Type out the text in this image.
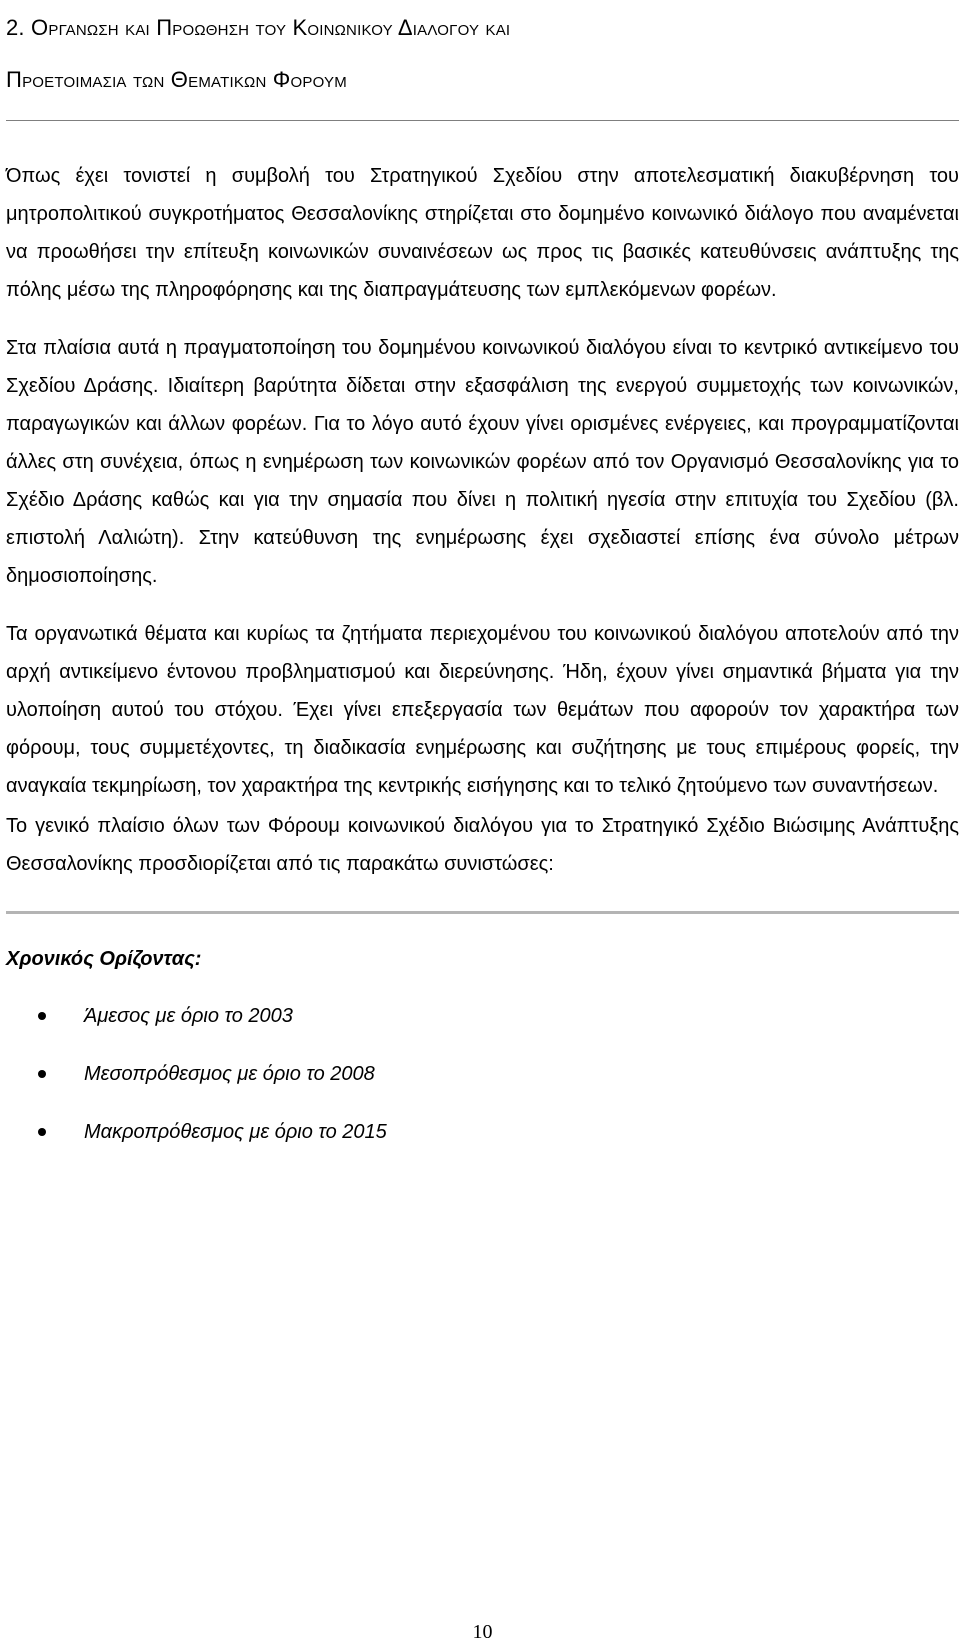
2. Οργανωση και Προωθηση του Κοινωνικου Διαλογου και
Προετοιμασια των Θεματικων Φορουμ

Όπως έχει τονιστεί η συμβολή του Στρατηγικού Σχεδίου στην αποτελεσματική διακυβέρνηση του μητροπολιτικού συγκροτήματος Θεσσαλονίκης στηρίζεται στο δομημένο κοινωνικό διάλογο που αναμένεται να προωθήσει την επίτευξη κοινωνικών συναινέσεων ως προς τις βασικές κατευθύνσεις ανάπτυξης της πόλης μέσω της πληροφόρησης και της διαπραγμάτευσης των εμπλεκόμενων φορέων.

Στα πλαίσια αυτά η πραγματοποίηση του δομημένου κοινωνικού διαλόγου είναι το κεντρικό αντικείμενο του Σχεδίου Δράσης. Ιδιαίτερη βαρύτητα δίδεται στην εξασφάλιση της ενεργού συμμετοχής των κοινωνικών, παραγωγικών και άλλων φορέων. Για το λόγο αυτό έχουν γίνει ορισμένες ενέργειες, και προγραμματίζονται άλλες στη συνέχεια, όπως η ενημέρωση των κοινωνικών φορέων από τον Οργανισμό Θεσσαλονίκης για το Σχέδιο Δράσης καθώς και για την σημασία που δίνει η πολιτική ηγεσία στην επιτυχία του Σχεδίου (βλ. επιστολή Λαλιώτη). Στην κατεύθυνση της ενημέρωσης έχει σχεδιαστεί επίσης ένα σύνολο μέτρων δημοσιοποίησης.

Τα οργανωτικά θέματα και κυρίως τα ζητήματα περιεχομένου του κοινωνικού διαλόγου αποτελούν από την αρχή αντικείμενο έντονου προβληματισμού και διερεύνησης. Ήδη, έχουν γίνει σημαντικά βήματα για την υλοποίηση αυτού του στόχου. Έχει γίνει επεξεργασία των θεμάτων που αφορούν τον χαρακτήρα των φόρουμ, τους συμμετέχοντες, τη διαδικασία ενημέρωσης και συζήτησης με τους επιμέρους φορείς, την αναγκαία τεκμηρίωση, τον χαρακτήρα της κεντρικής εισήγησης και το τελικό ζητούμενο των συναντήσεων.

Το γενικό πλαίσιο όλων των Φόρουμ κοινωνικού διαλόγου για το Στρατηγικό Σχέδιο Βιώσιμης Ανάπτυξης Θεσσαλονίκης προσδιορίζεται από τις παρακάτω συνιστώσες:

Χρονικός Ορίζοντας:
Άμεσος με όριο το 2003
Μεσοπρόθεσμος με όριο το 2008
Μακροπρόθεσμος με όριο το 2015
10
